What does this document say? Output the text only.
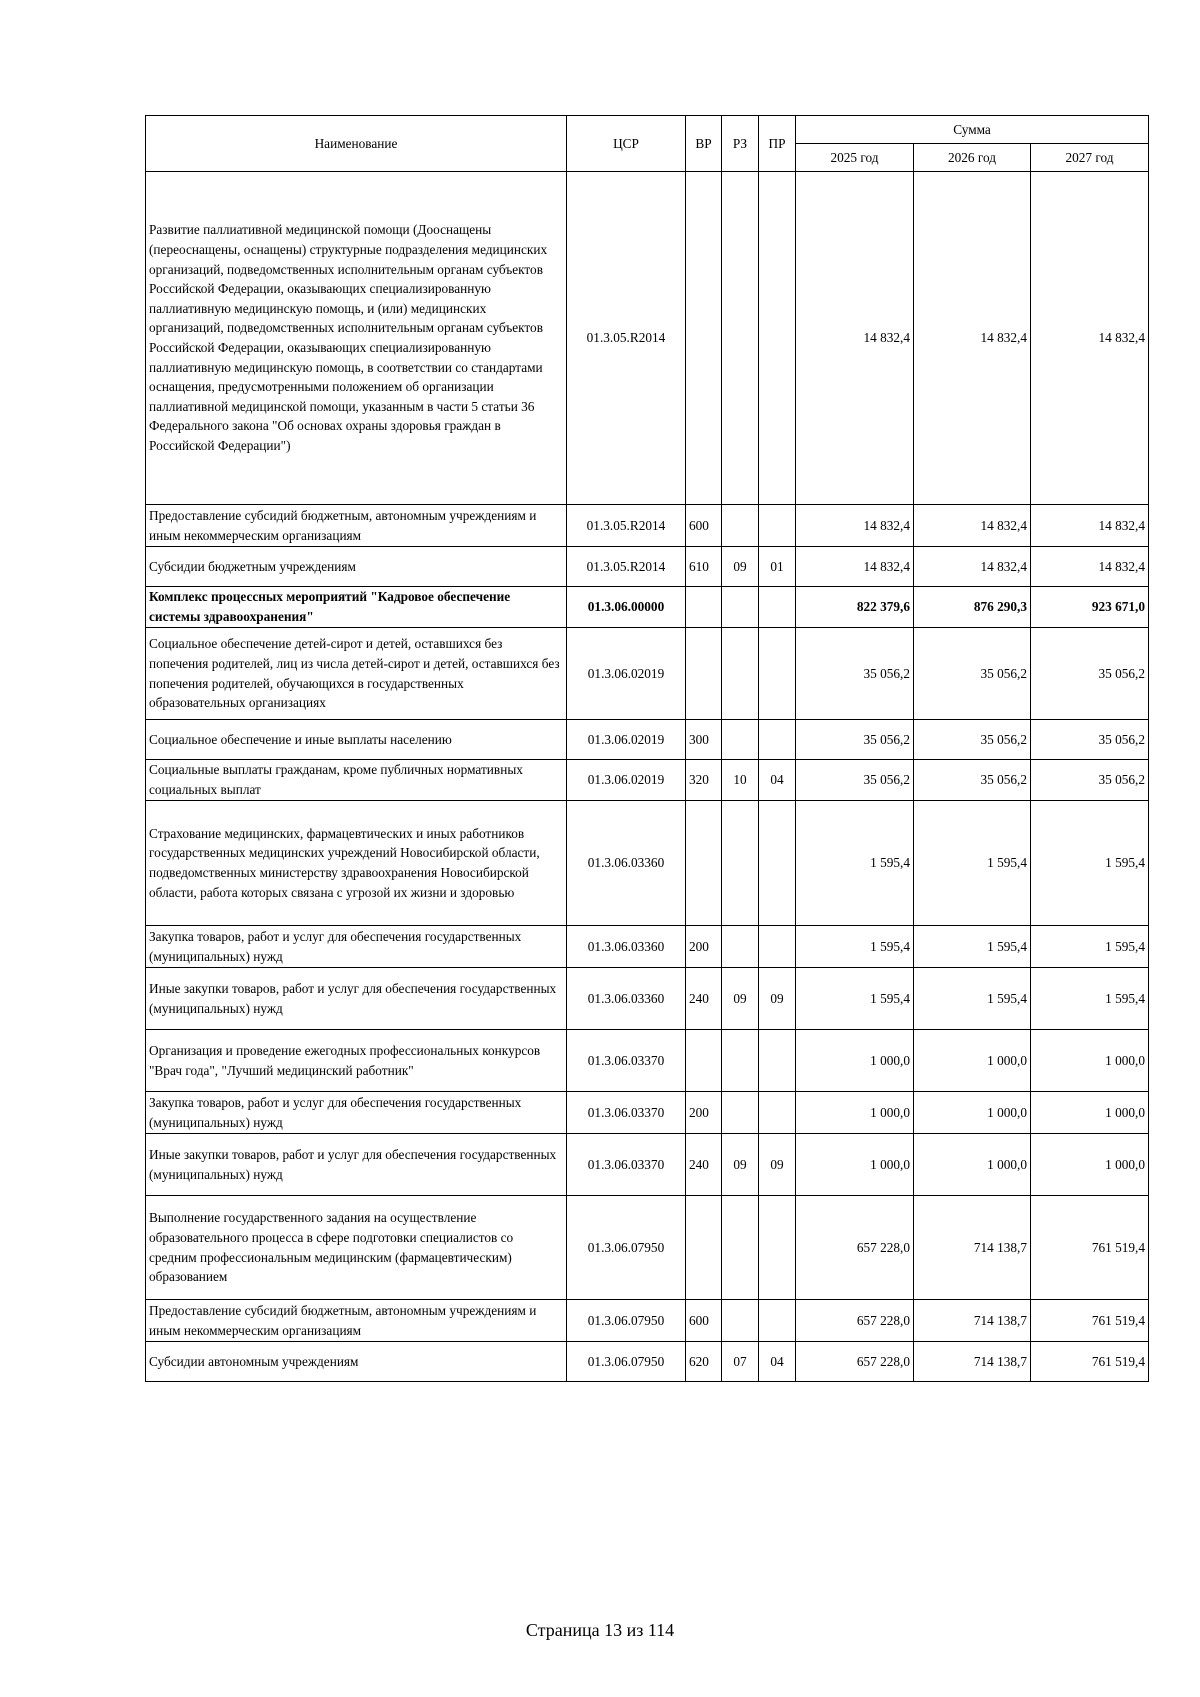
Наименование	ЦСР	ВР	РЗ	ПР	Сумма		
					2025 год	2026 год	2027 год
Развитие паллиативной медицинской помощи (Дооснащены (переоснащены, оснащены) структурные подразделения медицинских организаций, подведомственных исполнительным органам субъектов Российской Федерации, оказывающих специализированную паллиативную медицинскую помощь, и (или) медицинских организаций, подведомственных исполнительным органам субъектов Российской Федерации, оказывающих специализированную паллиативную медицинскую помощь, в соответствии со стандартами оснащения, предусмотренными положением об организации паллиативной медицинской помощи, указанным в части 5 статьи 36 Федерального закона "Об основах охраны здоровья граждан в Российской Федерации")	01.3.05.R2014				14 832,4	14 832,4	14 832,4
Предоставление субсидий бюджетным, автономным учреждениям и иным некоммерческим организациям	01.3.05.R2014	600			14 832,4	14 832,4	14 832,4
Субсидии бюджетным учреждениям	01.3.05.R2014	610	09	01	14 832,4	14 832,4	14 832,4
Комплекс процессных мероприятий "Кадровое обеспечение системы здравоохранения"	01.3.06.00000				822 379,6	876 290,3	923 671,0
Социальное обеспечение детей-сирот и детей, оставшихся без попечения родителей, лиц из числа детей-сирот и детей, оставшихся без попечения родителей, обучающихся в государственных образовательных организациях	01.3.06.02019				35 056,2	35 056,2	35 056,2
Социальное обеспечение и иные выплаты населению	01.3.06.02019	300			35 056,2	35 056,2	35 056,2
Социальные выплаты гражданам, кроме публичных нормативных социальных выплат	01.3.06.02019	320	10	04	35 056,2	35 056,2	35 056,2
Страхование медицинских, фармацевтических и иных работников государственных медицинских учреждений Новосибирской области, подведомственных министерству здравоохранения Новосибирской области, работа которых связана с угрозой их жизни и здоровью	01.3.06.03360				1 595,4	1 595,4	1 595,4
Закупка товаров, работ и услуг для обеспечения государственных (муниципальных) нужд	01.3.06.03360	200			1 595,4	1 595,4	1 595,4
Иные закупки товаров, работ и услуг для обеспечения государственных (муниципальных) нужд	01.3.06.03360	240	09	09	1 595,4	1 595,4	1 595,4
Организация и проведение ежегодных профессиональных конкурсов "Врач года", "Лучший медицинский работник"	01.3.06.03370				1 000,0	1 000,0	1 000,0
Закупка товаров, работ и услуг для обеспечения государственных (муниципальных) нужд	01.3.06.03370	200			1 000,0	1 000,0	1 000,0
Иные закупки товаров, работ и услуг для обеспечения государственных (муниципальных) нужд	01.3.06.03370	240	09	09	1 000,0	1 000,0	1 000,0
Выполнение государственного задания на осуществление образовательного процесса в сфере подготовки специалистов со средним профессиональным медицинским (фармацевтическим) образованием	01.3.06.07950				657 228,0	714 138,7	761 519,4
Предоставление субсидий бюджетным, автономным учреждениям и иным некоммерческим организациям	01.3.06.07950	600			657 228,0	714 138,7	761 519,4
Субсидии автономным учреждениям	01.3.06.07950	620	07	04	657 228,0	714 138,7	761 519,4
Страница 13 из 114
